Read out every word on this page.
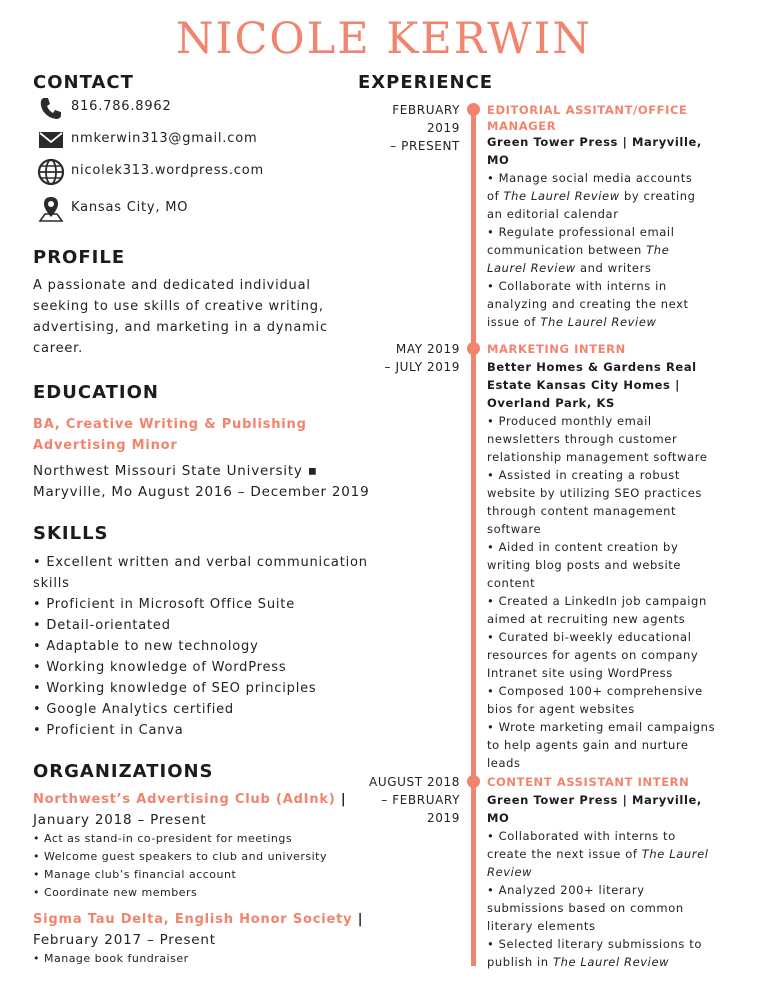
NICOLE KERWIN
CONTACT
816.786.8962
nmkerwin313@gmail.com
nicolek313.wordpress.com
Kansas City, MO
PROFILE
A passionate and dedicated individual seeking to use skills of creative writing, advertising, and marketing in a dynamic career.
EDUCATION
BA, Creative Writing & Publishing
Advertising Minor
Northwest Missouri State University ▪
Maryville, Mo August 2016 – December 2019
SKILLS
• Excellent written and verbal communication skills
• Proficient in Microsoft Office Suite
• Detail-orientated
• Adaptable to new technology
• Working knowledge of WordPress
• Working knowledge of SEO principles
• Google Analytics certified
• Proficient in Canva
ORGANIZATIONS
Northwest’s Advertising Club (AdInk) |
January 2018 – Present
• Act as stand-in co-president for meetings
• Welcome guest speakers to club and university
• Manage club’s financial account
• Coordinate new members
Sigma Tau Delta, English Honor Society |
February 2017 – Present
• Manage book fundraiser
EXPERIENCE
FEBRUARY 2019
– PRESENT
EDITORIAL ASSITANT/OFFICE
MANAGER
Green Tower Press | Maryville,
MO
• Manage social media accounts
of The Laurel Review by creating
an editorial calendar
• Regulate professional email
communication between The
Laurel Review and writers
• Collaborate with interns in
analyzing and creating the next
issue of The Laurel Review
MAY 2019
– JULY 2019
MARKETING INTERN
Better Homes & Gardens Real
Estate Kansas City Homes |
Overland Park, KS
• Produced monthly email
newsletters through customer
relationship management software
• Assisted in creating a robust
website by utilizing SEO practices
through content management
software
• Aided in content creation by
writing blog posts and website
content
• Created a LinkedIn job campaign
aimed at recruiting new agents
• Curated bi-weekly educational
resources for agents on company
Intranet site using WordPress
• Composed 100+ comprehensive
bios for agent websites
• Wrote marketing email campaigns
to help agents gain and nurture
leads
AUGUST 2018
– FEBRUARY
2019
CONTENT ASSISTANT INTERN
Green Tower Press | Maryville,
MO
• Collaborated with interns to
create the next issue of The Laurel
Review
• Analyzed 200+ literary
submissions based on common
literary elements
• Selected literary submissions to
publish in The Laurel Review
